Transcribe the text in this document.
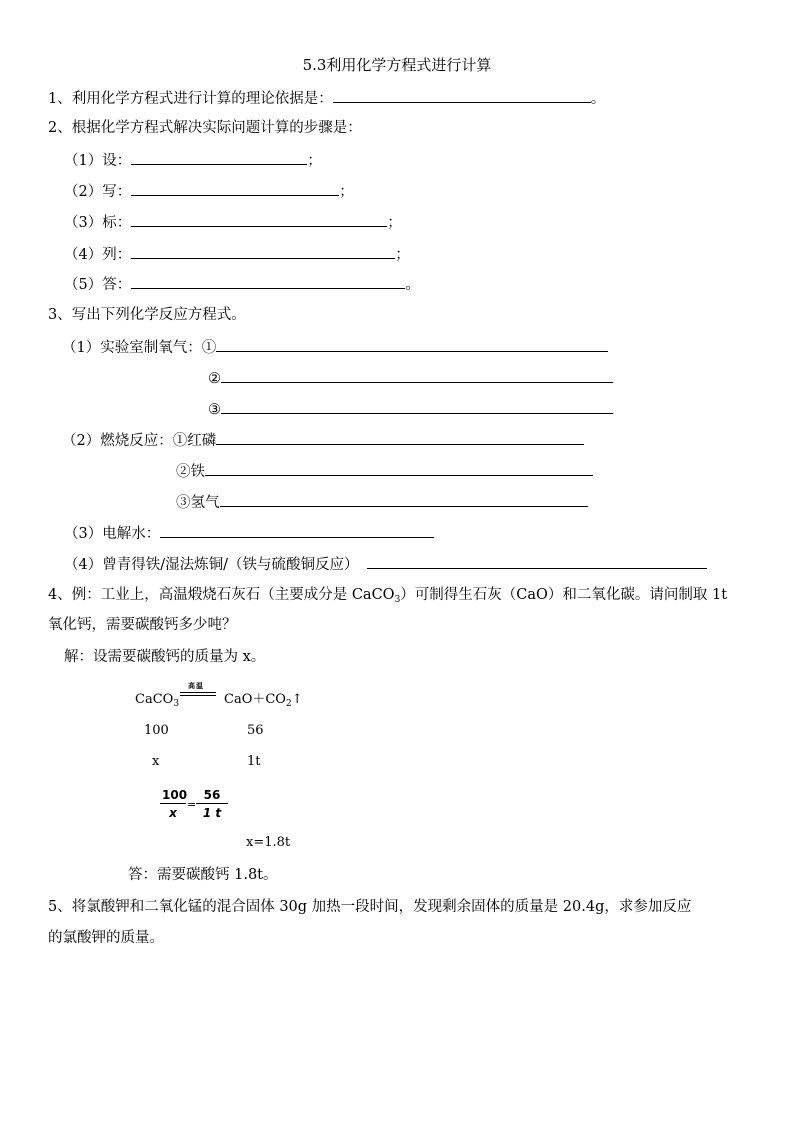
5.3利用化学方程式进行计算
1、利用化学方程式进行计算的理论依据是：	。
2、根据化学方程式解决实际问题计算的步骤是：
（1）设：	；
（2）写：	；
（3）标：	；
（4）列：	；
（5）答：	。
3、写出下列化学反应方程式。
（1）实验室制氧气：①
②
③
（2）燃烧反应：①红磷
②铁
③氢气
（3）电解水：
（4）曾青得铁/湿法炼铜/（铁与硫酸铜反应）
4、例：工业上，高温煅烧石灰石（主要成分是 CaCO$_3$）可制得生石灰（CaO）和二氧化碳。请问制取 1t
氧化钙，需要碳酸钙多少吨？
解：设需要碳酸钙的质量为 x。
CaCO$_3$
高温
$CaO+CO_2↑$
100	56
x	1t
$\frac{100}{x} = \frac{56}{1 t}$
x=1.8t
答：需要碳酸钙 1.8t。
5、将氯酸钾和二氧化锰的混合固体 30g 加热一段时间，发现剩余固体的质量是 20.4g，求参加反应
的氯酸钾的质量。
